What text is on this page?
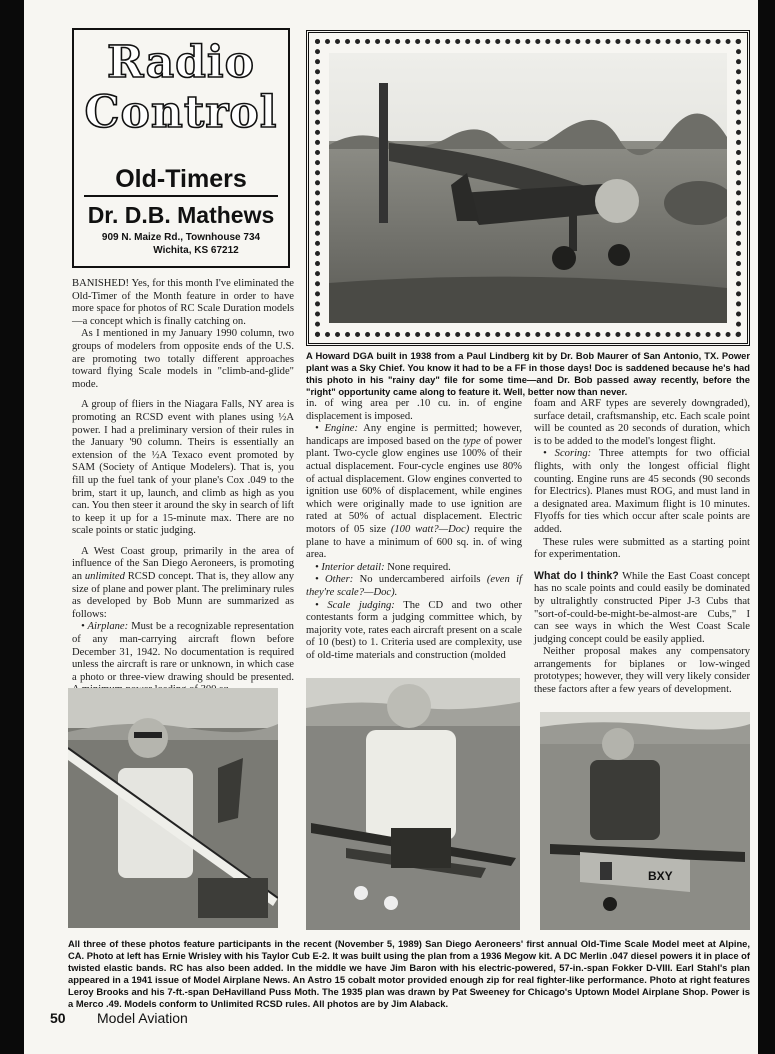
Radio
Control
Old-Timers
Dr. D.B. Mathews
909 N. Maize Rd., Townhouse 734
Wichita, KS 67212
A Howard DGA built in 1938 from a Paul Lindberg kit by Dr. Bob Maurer of San Antonio, TX. Power plant was a Sky Chief. You know it had to be a FF in those days! Doc is saddened because he's had this photo in his "rainy day" file for some time—and Dr. Bob passed away recently, before the "right" opportunity came along to feature it. Well, better now than never.

BANISHED! Yes, for this month I've eliminated the Old-Timer of the Month feature in order to have more space for photos of RC Scale Duration models—a concept which is finally catching on.

As I mentioned in my January 1990 column, two groups of modelers from opposite ends of the U.S. are promoting two totally different approaches toward flying Scale models in "climb-and-glide" mode.

A group of fliers in the Niagara Falls, NY area is promoting an RCSD event with planes using ½A power. I had a preliminary version of their rules in the January '90 column. Theirs is essentially an extension of the ½A Texaco event promoted by SAM (Society of Antique Modelers). That is, you fill up the fuel tank of your plane's Cox .049 to the brim, start it up, launch, and climb as high as you can. You then steer it around the sky in search of lift to keep it up for a 15-minute max. There are no scale points or static judging.

A West Coast group, primarily in the area of influence of the San Diego Aeroneers, is promoting an unlimited RCSD concept. That is, they allow any size of plane and power plant. The preliminary rules as developed by Bob Munn are summarized as follows:

• Airplane: Must be a recognizable representation of any man-carrying aircraft flown before December 31, 1942. No documentation is required unless the aircraft is rare or unknown, in which case a photo or three-view drawing should be presented.

in. of wing area per .10 cu. in. of engine displacement is imposed.

• Engine: Any engine is permitted; however, handicaps are imposed based on the type of power plant. Two-cycle glow engines use 100% of their actual displacement. Four-cycle engines use 80% of actual displacement. Glow engines converted to ignition use 60% of displacement, while engines which were originally made to use ignition are rated at 50% of actual displacement. Electric motors of 05 size (100 watt?—Doc) require the plane to have a minimum of 600 sq. in. of wing area.

• Interior detail: None required.

• Other: No undercambered airfoils (even if they're scale?—Doc).

• Scale judging: The CD and two other contestants form a judging committee which, by majority vote, rates each aircraft present on a scale of 10 (best) to 1. Criteria used are complexity, use of old-time materials and construction (molded

foam and ARF types are severely downgraded), surface detail, craftsmanship, etc. Each scale point will be counted as 20 seconds of duration, which is to be added to the model's longest flight.

• Scoring: Three attempts for two official flights, with only the longest official flight counting. Engine runs are 45 seconds (90 seconds for Electrics). Planes must ROG, and must land in a designated area. Maximum flight is 10 minutes. Flyoffs for ties which occur after scale points are added.

These rules were submitted as a starting point for experimentation.

What do I think? While the East Coast concept has no scale points and could easily be dominated by ultralightly constructed Piper J-3 Cubs that "sort-of-could-be-might-be-almost-are Cubs," I can see ways in which the West Coast Scale judging concept could be easily applied.

Neither proposal makes any compensatory arrangements for biplanes or low-winged prototypes; however, they will very likely consider these factors after a few years of development.

BXY
All three of these photos feature participants in the recent (November 5, 1989) San Diego Aeroneers' first annual Old-Time Scale Model meet at Alpine, CA. Photo at left has Ernie Wrisley with his Taylor Cub E-2. It was built using the plan from a 1936 Megow kit. A DC Merlin .047 diesel powers it in place of twisted elastic bands. RC has also been added. In the middle we have Jim Baron with his electric-powered, 57-in.-span Fokker D-VIII. Earl Stahl's plan appeared in a 1941 issue of Model Airplane News. An Astro 15 cobalt motor provided enough zip for real fighter-like performance. Photo at right features Leroy Brooks and his 7-ft.-span DeHavilland Puss Moth. The 1935 plan was drawn by Pat Sweeney for Chicago's Uptown Model Airplane Shop. Power is a Merco .49. Models conform to Unlimited RCSD rules. All photos are by Jim Alaback.
50 Model Aviation
